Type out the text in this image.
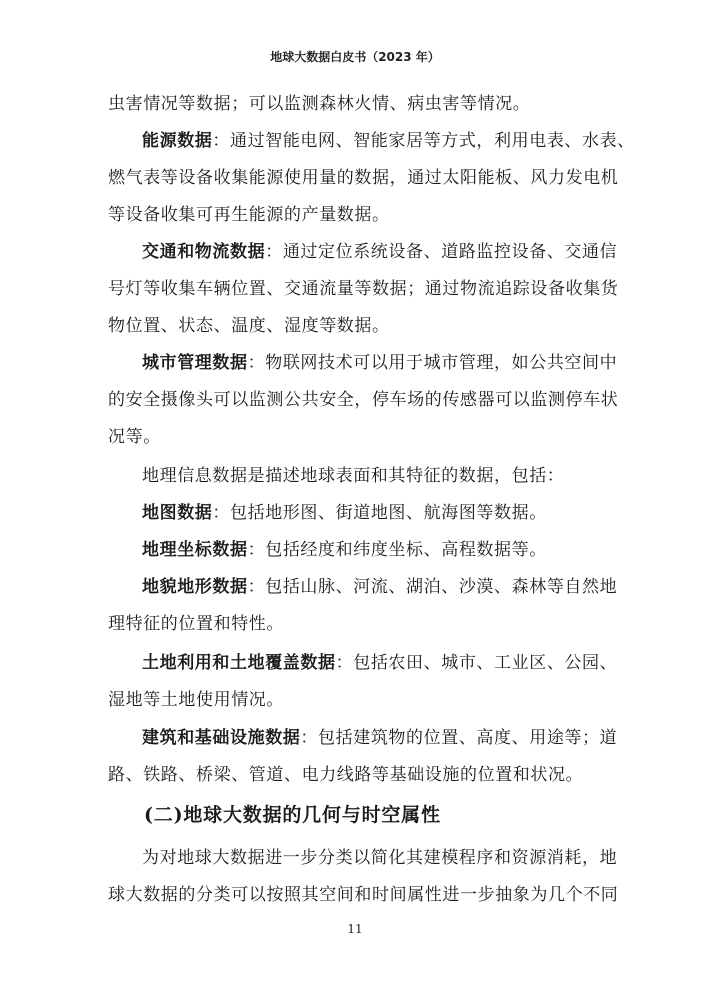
地球大数据白皮书（2023 年）
虫害情况等数据；可以监测森林火情、病虫害等情况。
能源数据：通过智能电网、智能家居等方式，利用电表、水表、
燃气表等设备收集能源使用量的数据，通过太阳能板、风力发电机
等设备收集可再生能源的产量数据。
交通和物流数据：通过定位系统设备、道路监控设备、交通信
号灯等收集车辆位置、交通流量等数据；通过物流追踪设备收集货
物位置、状态、温度、湿度等数据。
城市管理数据：物联网技术可以用于城市管理，如公共空间中
的安全摄像头可以监测公共安全，停车场的传感器可以监测停车状
况等。
地理信息数据是描述地球表面和其特征的数据，包括：
地图数据：包括地形图、街道地图、航海图等数据。
地理坐标数据：包括经度和纬度坐标、高程数据等。
地貌地形数据：包括山脉、河流、湖泊、沙漠、森林等自然地
理特征的位置和特性。
土地利用和土地覆盖数据：包括农田、城市、工业区、公园、
湿地等土地使用情况。
建筑和基础设施数据：包括建筑物的位置、高度、用途等；道
路、铁路、桥梁、管道、电力线路等基础设施的位置和状况。
(二)地球大数据的几何与时空属性
为对地球大数据进一步分类以简化其建模程序和资源消耗，地
球大数据的分类可以按照其空间和时间属性进一步抽象为几个不同
11
